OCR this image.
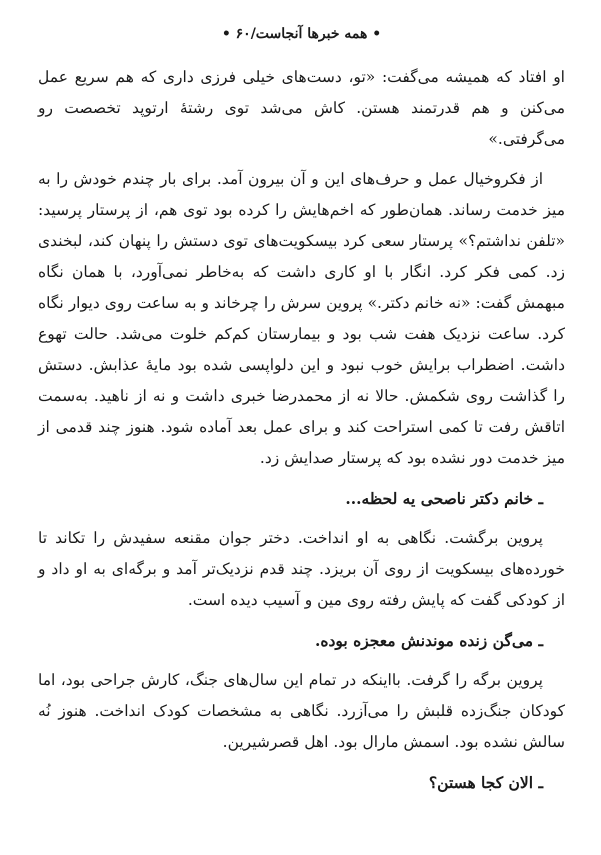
• همه خبرها آنجاست/۶۰ •

او افتاد که همیشه می‌گفت: «تو، دست‌های خیلی فرزی داری که هم سریع عمل می‌کنن و هم قدرتمند هستن. کاش می‌شد توی رشتهٔ ارتوپد تخصصت رو می‌گرفتی.»

از فکروخیال عمل و حرف‌های این و آن بیرون آمد. برای بار چندم خودش را به میز خدمت رساند. همان‌طور که اخم‌هایش را کرده بود توی هم، از پرستار پرسید: «تلفن نداشتم؟» پرستار سعی کرد بیسکویت‌های توی دستش را پنهان کند، لبخندی زد. کمی فکر کرد. انگار با او کاری داشت که به‌خاطر نمی‌آورد، با همان نگاه مبهمش گفت: «نه خانم دکتر.» پروین سرش را چرخاند و به ساعت روی دیوار نگاه کرد. ساعت نزدیک هفت شب بود و بیمارستان کم‌کم خلوت می‌شد. حالت تهوع داشت. اضطراب برایش خوب نبود و این دلواپسی شده بود مایهٔ عذابش. دستش را گذاشت روی شکمش. حالا نه از محمدرضا خبری داشت و نه از ناهید. به‌سمت اتاقش رفت تا کمی استراحت کند و برای عمل بعد آماده شود. هنوز چند قدمی از میز خدمت دور نشده بود که پرستار صدایش زد.

ـ خانم دکتر ناصحی یه لحظه...

پروین برگشت. نگاهی به او انداخت. دختر جوان مقنعه سفیدش را تکاند تا خورده‌های بیسکویت از روی آن بریزد. چند قدم نزدیک‌تر آمد و برگه‌ای به او داد و از کودکی گفت که پایش رفته روی مین و آسیب دیده است.

ـ می‌گن زنده موندنش معجزه بوده.

پروین برگه را گرفت. بااینکه در تمام این سال‌های جنگ، کارش جراحی بود، اما کودکان جنگ‌زده قلبش را می‌آزرد. نگاهی به مشخصات کودک انداخت. هنوز نُه سالش نشده بود. اسمش مارال بود. اهل قصرشیرین.

ـ الان کجا هستن؟
